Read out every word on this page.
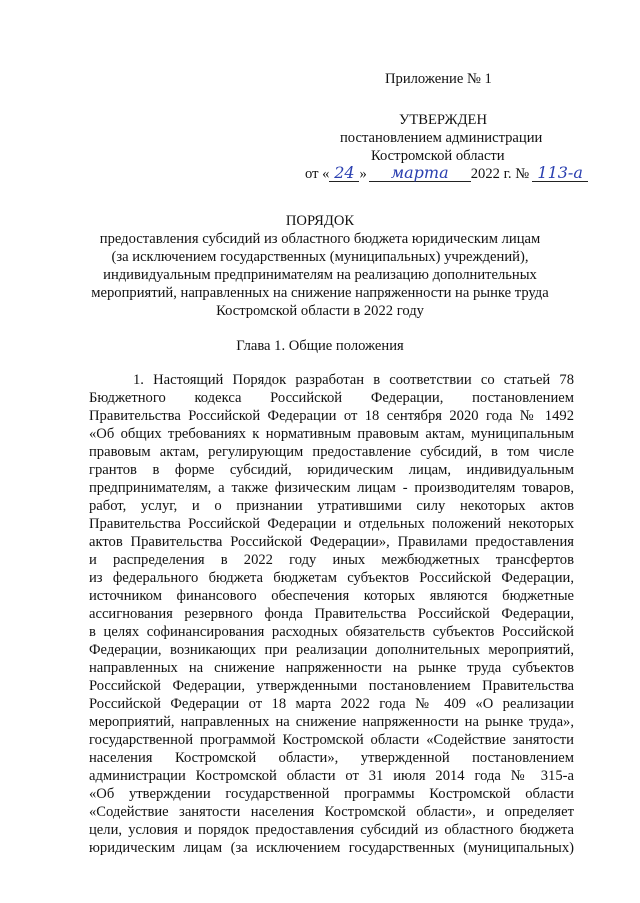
Приложение № 1
УТВЕРЖДЕН
постановлением администрации
Костромской области
от « 24 » марта 2022 г. № 113-а
ПОРЯДОК
предоставления субсидий из областного бюджета юридическим лицам
(за исключением государственных (муниципальных) учреждений),
индивидуальным предпринимателям на реализацию дополнительных
мероприятий, направленных на снижение напряженности на рынке труда
Костромской области в 2022 году
Глава 1. Общие положения
1. Настоящий Порядок разработан в соответствии со статьей 78
Бюджетного кодекса Российской Федерации, постановлением
Правительства Российской Федерации от 18 сентября 2020 года № 1492
«Об общих требованиях к нормативным правовым актам, муниципальным
правовым актам, регулирующим предоставление субсидий, в том числе
грантов в форме субсидий, юридическим лицам, индивидуальным
предпринимателям, а также физическим лицам - производителям товаров,
работ, услуг, и о признании утратившими силу некоторых актов
Правительства Российской Федерации и отдельных положений некоторых
актов Правительства Российской Федерации», Правилами предоставления
и распределения в 2022 году иных межбюджетных трансфертов
из федерального бюджета бюджетам субъектов Российской Федерации,
источником финансового обеспечения которых являются бюджетные
ассигнования резервного фонда Правительства Российской Федерации,
в целях софинансирования расходных обязательств субъектов Российской
Федерации, возникающих при реализации дополнительных мероприятий,
направленных на снижение напряженности на рынке труда субъектов
Российской Федерации, утвержденными постановлением Правительства
Российской Федерации от 18 марта 2022 года № 409 «О реализации
мероприятий, направленных на снижение напряженности на рынке труда»,
государственной программой Костромской области «Содействие занятости
населения Костромской области», утвержденной постановлением
администрации Костромской области от 31 июля 2014 года № 315-а
«Об утверждении государственной программы Костромской области
«Содействие занятости населения Костромской области», и определяет
цели, условия и порядок предоставления субсидий из областного бюджета
юридическим лицам (за исключением государственных (муниципальных)
